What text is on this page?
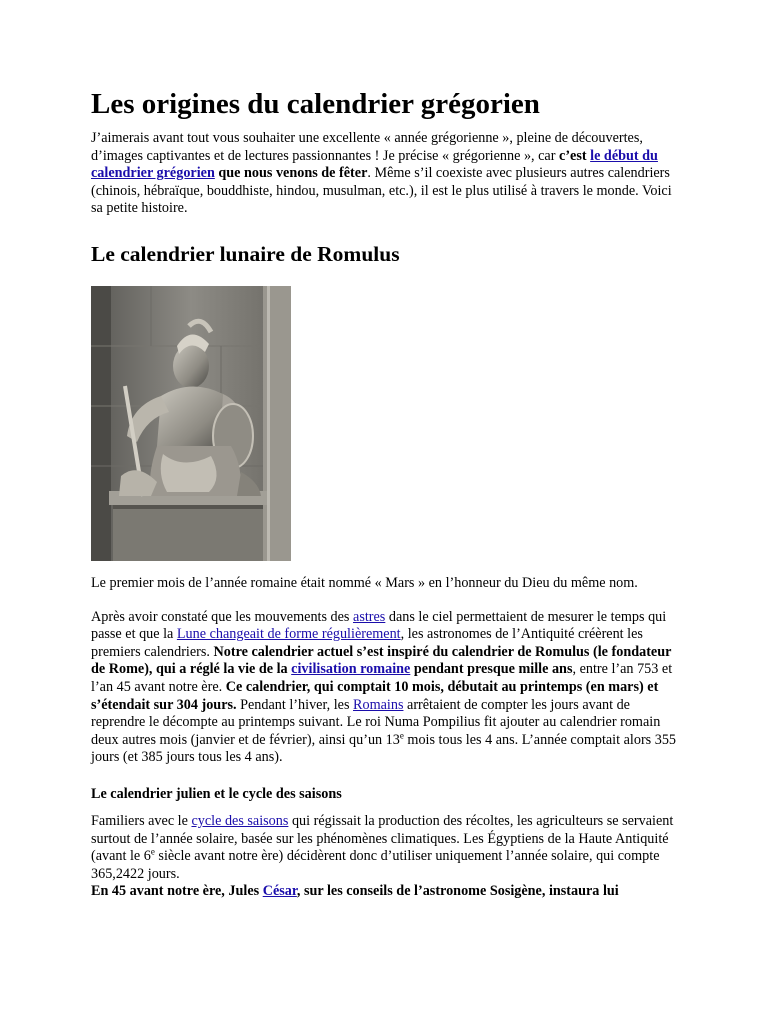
Les origines du calendrier grégorien

J’aimerais avant tout vous souhaiter une excellente « année grégorienne », pleine de découvertes, d’images captivantes et de lectures passionnantes ! Je précise « grégorienne », car c’est le début du calendrier grégorien que nous venons de fêter. Même s’il coexiste avec plusieurs autres calendriers (chinois, hébraïque, bouddhiste, hindou, musulman, etc.), il est le plus utilisé à travers le monde. Voici sa petite histoire.

Le calendrier lunaire de Romulus

Le premier mois de l’année romaine était nommé « Mars » en l’honneur du Dieu du même nom.

Après avoir constaté que les mouvements des astres dans le ciel permettaient de mesurer le temps qui passe et que la Lune changeait de forme régulièrement, les astronomes de l’Antiquité créèrent les premiers calendriers. Notre calendrier actuel s’est inspiré du calendrier de Romulus (le fondateur de Rome), qui a réglé la vie de la civilisation romaine pendant presque mille ans, entre l’an 753 et l’an 45 avant notre ère. Ce calendrier, qui comptait 10 mois, débutait au printemps (en mars) et s’étendait sur 304 jours. Pendant l’hiver, les Romains arrêtaient de compter les jours avant de reprendre le décompte au printemps suivant. Le roi Numa Pompilius fit ajouter au calendrier romain deux autres mois (janvier et de février), ainsi qu’un 13e mois tous les 4 ans. L’année comptait alors 355 jours (et 385 jours tous les 4 ans).

Le calendrier julien et le cycle des saisons

Familiers avec le cycle des saisons qui régissait la production des récoltes, les agriculteurs se servaient surtout de l’année solaire, basée sur les phénomènes climatiques. Les Égyptiens de la Haute Antiquité (avant le 6e siècle avant notre ère) décidèrent donc d’utiliser uniquement l’année solaire, qui compte 365,2422 jours.

En 45 avant notre ère, Jules César, sur les conseils de l’astronome Sosigène, instaura lui
